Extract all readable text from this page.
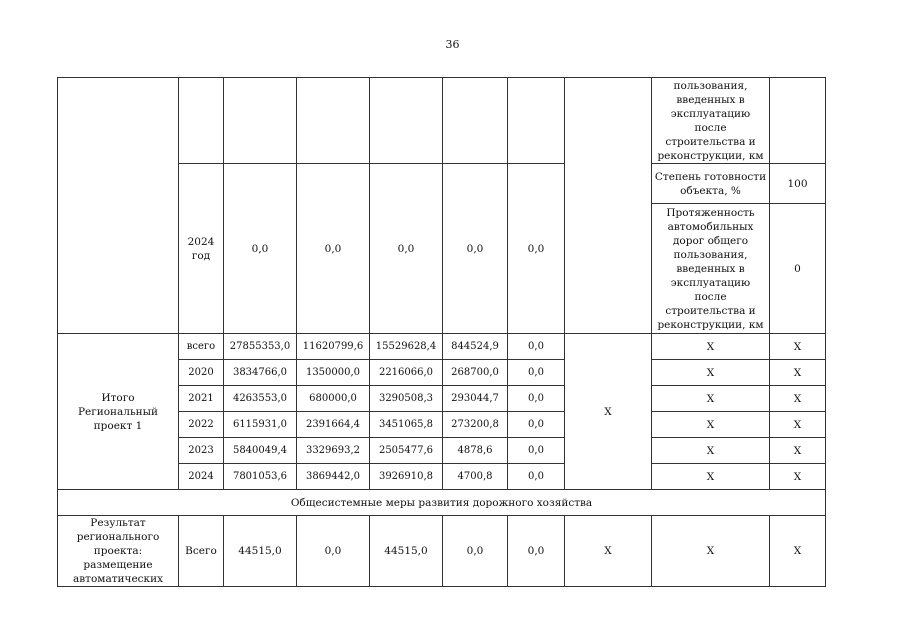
36
								пользования, введенных в эксплуатацию после строительства и реконструкции, км	
	2024 год	0,0	0,0	0,0	0,0	0,0		Степень готовности объекта, %	100
								Протяженность автомобильных дорог общего пользования, введенных в эксплуатацию после строительства и реконструкции, км	0
Итого Региональный проект 1	всего	27855353,0	11620799,6	15529628,4	844524,9	0,0	Х	Х	Х
	2020	3834766,0	1350000,0	2216066,0	268700,0	0,0		Х	Х
	2021	4263553,0	680000,0	3290508,3	293044,7	0,0		Х	Х
	2022	6115931,0	2391664,4	3451065,8	273200,8	0,0		Х	Х
	2023	5840049,4	3329693,2	2505477,6	4878,6	0,0		Х	Х
	2024	7801053,6	3869442,0	3926910,8	4700,8	0,0		Х	Х
Общесистемные меры развития дорожного хозяйства									
Результат регионального проекта: размещение автоматических	Всего	44515,0	0,0	44515,0	0,0	0,0	Х	Х	Х
